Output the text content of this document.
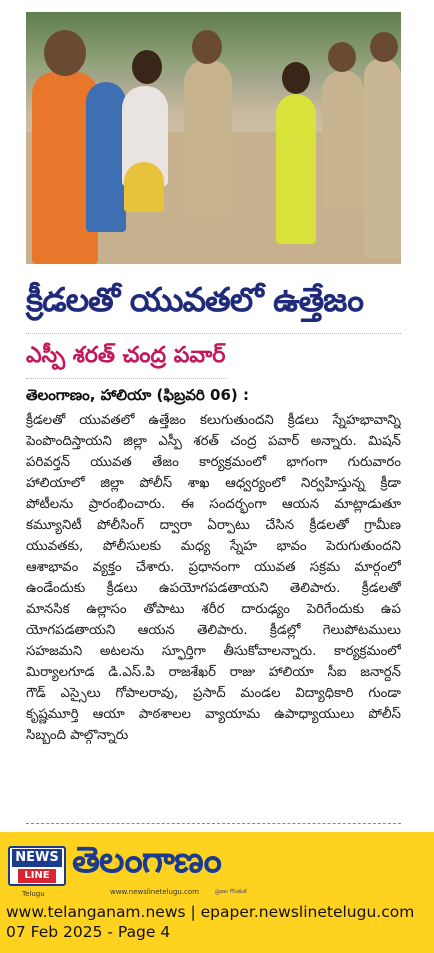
క్రీడలతో యువతలో ఉత్తేజం
ఎస్పీ శరత్ చంద్ర పవార్
తెలంగాణం, హాలియా (ఫిబ్రవరి 06) :
క్రీడలతో యువతలో ఉత్తేజం కలుగుతుందని క్రీడలు స్నేహభావాన్ని
పెంపొందిస్తాయని జిల్లా ఎస్పీ శరత్ చంద్ర పవార్ అన్నారు. మిషన్
పరివర్తన్ యువత తేజం కార్యక్రమంలో భాగంగా గురువారం
హాలియాలో జిల్లా పోలీస్ శాఖ ఆధ్వర్యంలో నిర్వహిస్తున్న క్రీడా
పోటీలను ప్రారంభించారు. ఈ సందర్భంగా ఆయన మాట్లాడుతూ
కమ్యూనిటీ పోలీసింగ్ ద్వారా ఏర్పాటు చేసిన క్రీడలతో గ్రామీణ
యువతకు, పోలీసులకు మధ్య స్నేహ భావం పెరుగుతుందని
ఆశాభావం వ్యక్తం చేశారు. ప్రధానంగా యువత సక్రమ మార్గంలో
ఉండేందుకు క్రీడలు ఉపయోగపడతాయని తెలిపారు. క్రీడలతో
మానసిక ఉల్లాసం తోపాటు శరీర దారుఢ్యం పెరిగేందుకు ఉప
యోగపడతాయని ఆయన తెలిపారు. క్రీడల్లో గెలుపోటములు
సహజమని అటలను స్ఫూర్తిగా తీసుకోవాలన్నారు. కార్యక్రమంలో
మిర్యాలగూడ డి.ఎస్.పి రాజశేఖర్ రాజు హాలియా సీఐ జనార్దన్
గౌడ్ ఎస్సైలు గోపాలరావు, ప్రసాద్ మండల విద్యాధికారి గుండా
కృష్ణమూర్తి ఆయా పాఠశాలల వ్యాయామ ఉపాధ్యాయులు పోలీస్
సిబ్బంది పాల్గొన్నారు
NEWS
LINE
Telugu
తెలంగాణం
www.newslinetelugu.com	ప్రజల గొంతుక
www.telanganam.news | epaper.newslinetelugu.com
07 Feb 2025 - Page 4
